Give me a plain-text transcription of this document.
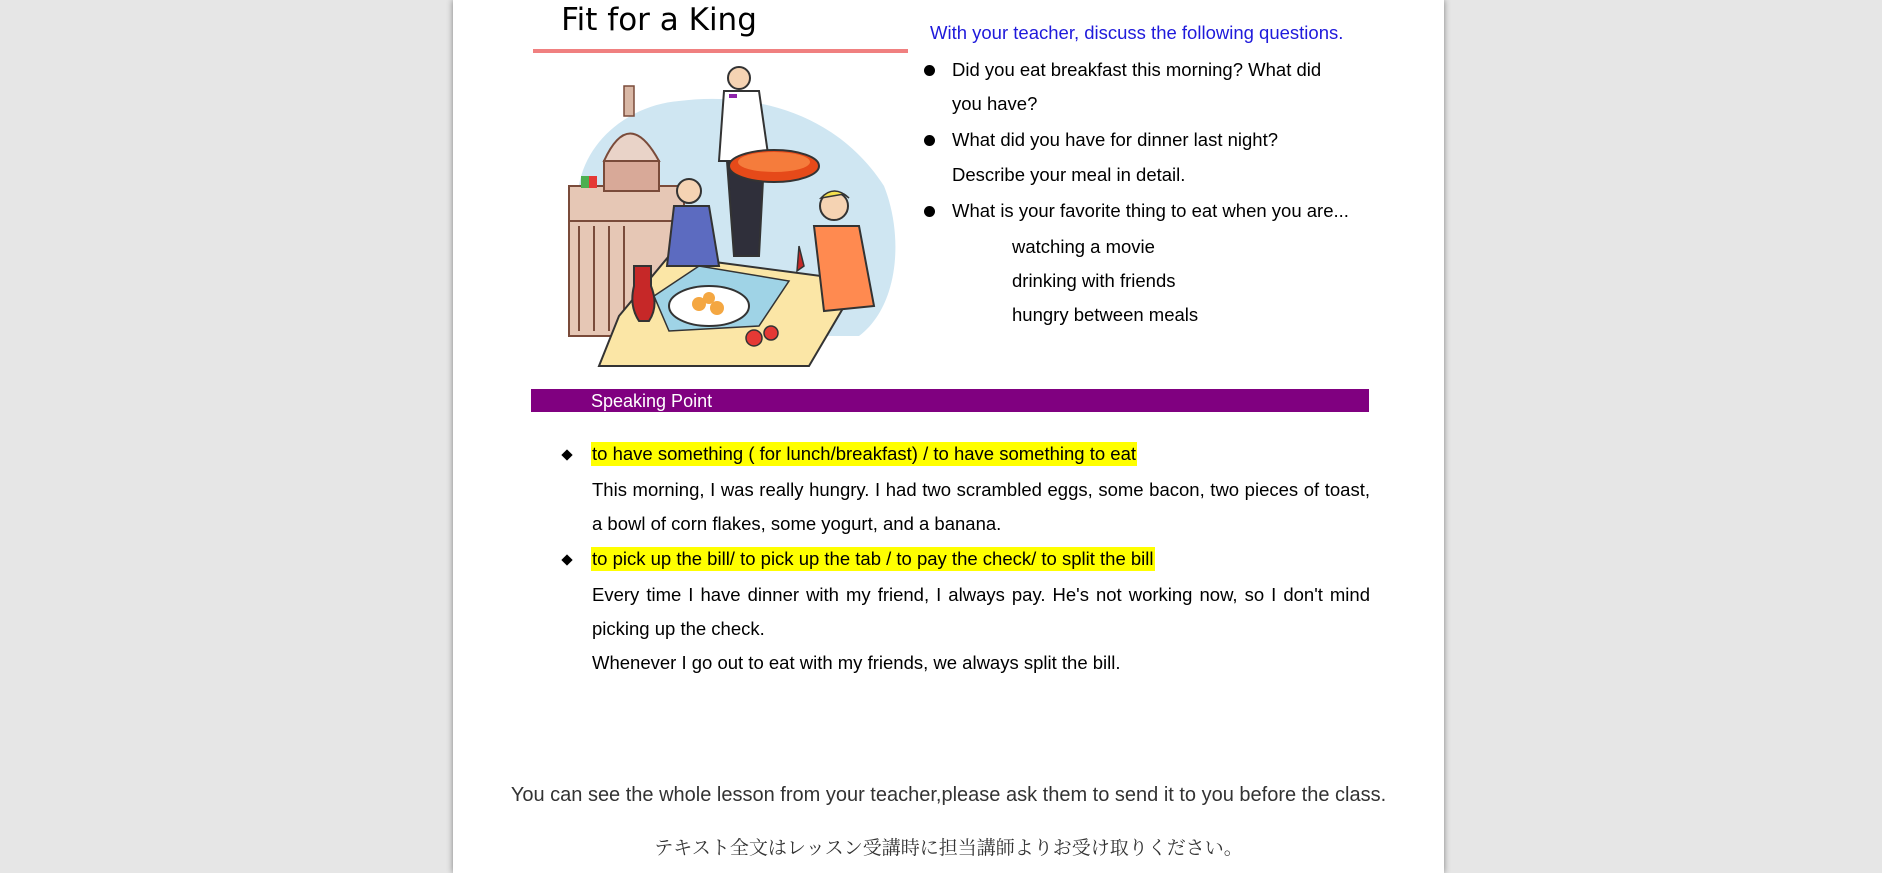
Fit for a King	With your teacher, discuss the following questions.
Did you eat breakfast this morning? What did
you have?
What did you have for dinner last night?
Describe your meal in detail.
What is your favorite thing to eat when you are...
watching a movie
drinking with friends
hungry between meals
Speaking Point
to have something ( for lunch/breakfast) / to have something to eat
This morning, I was really hungry. I had two scrambled eggs, some bacon, two pieces of toast, a bowl of corn flakes, some yogurt, and a banana.
to pick up the bill/ to pick up the tab / to pay the check/ to split the bill
Every time I have dinner with my friend, I always pay. He's not working now, so I don't mind picking up the check.
Whenever I go out to eat with my friends, we always split the bill.
You can see the whole lesson from your teacher,please ask them to send it to you before the class.
テキスト全文はレッスン受講時に担当講師よりお受け取りください。
